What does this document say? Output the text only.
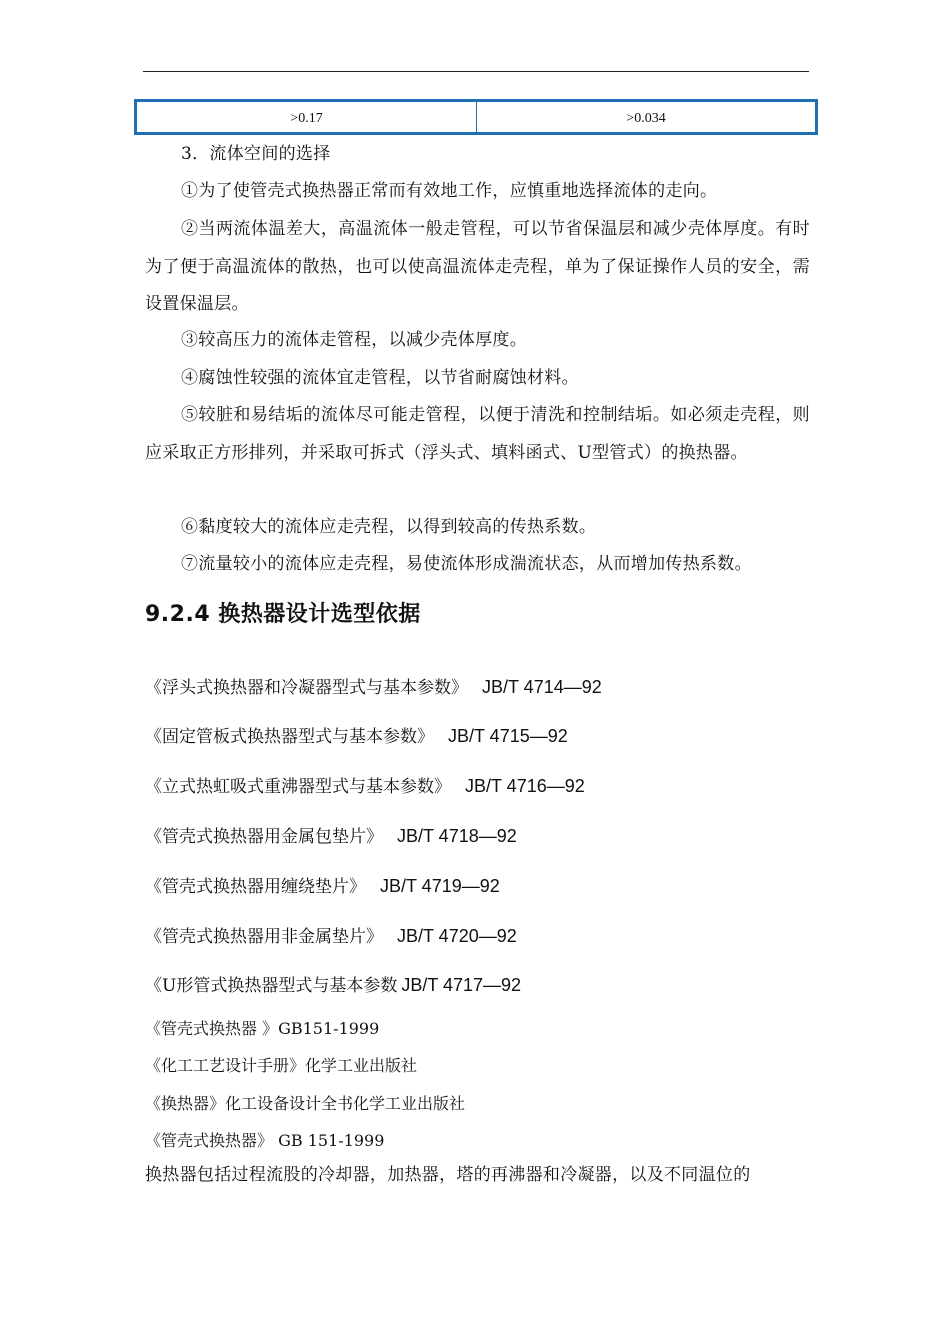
>0.17	>0.034
3．流体空间的选择
①为了使管壳式换热器正常而有效地工作，应慎重地选择流体的走向。
②当两流体温差大，高温流体一般走管程，可以节省保温层和减少壳体厚度。有时为了便于高温流体的散热，也可以使高温流体走壳程，单为了保证操作人员的安全，需设置保温层。
③较高压力的流体走管程，以减少壳体厚度。
④腐蚀性较强的流体宜走管程，以节省耐腐蚀材料。
⑤较脏和易结垢的流体尽可能走管程，以便于清洗和控制结垢。如必须走壳程，则应采取正方形排列，并采取可拆式（浮头式、填料函式、U型管式）的换热器。
⑥黏度较大的流体应走壳程，以得到较高的传热系数。
⑦流量较小的流体应走壳程，易使流体形成湍流状态，从而增加传热系数。
9.2.4 换热器设计选型依据
《浮头式换热器和冷凝器型式与基本参数》 JB/T 4714—92
《固定管板式换热器型式与基本参数》 JB/T 4715—92
《立式热虹吸式重沸器型式与基本参数》 JB/T 4716—92
《管壳式换热器用金属包垫片》 JB/T 4718—92
《管壳式换热器用缠绕垫片》 JB/T 4719—92
《管壳式换热器用非金属垫片》 JB/T 4720—92
《U形管式换热器型式与基本参数 JB/T 4717—92
《管壳式换热器 》GB151-1999
《化工工艺设计手册》化学工业出版社
《换热器》化工设备设计全书化学工业出版社
《管壳式换热器》 GB 151-1999
换热器包括过程流股的冷却器，加热器，塔的再沸器和冷凝器，以及不同温位的
